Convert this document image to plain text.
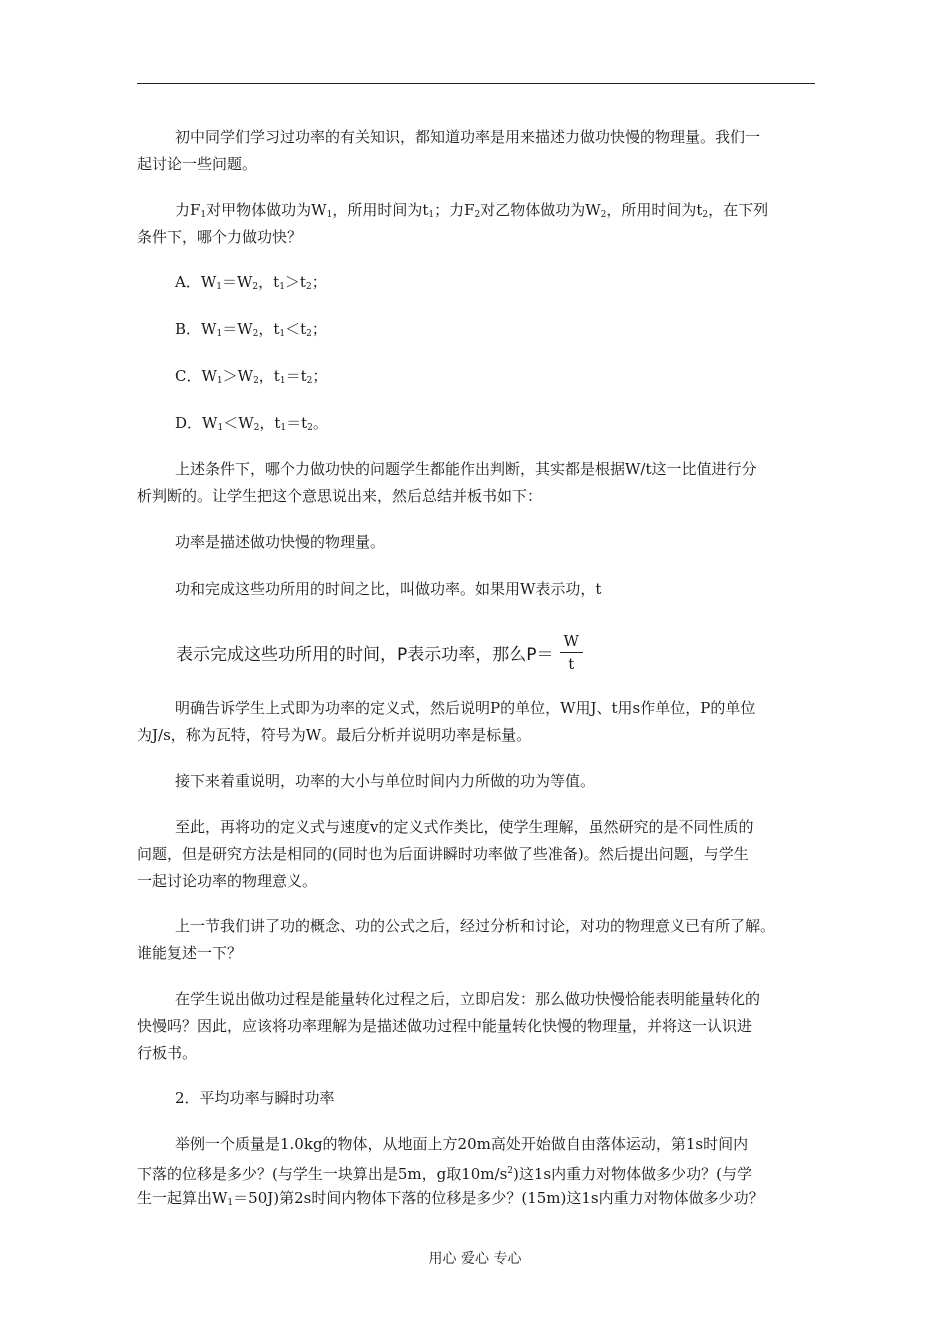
初中同学们学习过功率的有关知识，都知道功率是用来描述力做功快慢的物理量。我们一

起讨论一些问题。

力$F_1$对甲物体做功为$W_1$，所用时间为$t_1$；力$F_2$对乙物体做功为$W_2$，所用时间为$t_2$，在下列

条件下，哪个力做功快？

A．$W_1=W_2$，$t_1>t_2$；

B．$W_1=W_2$，$t_1<t_2$；

C．$W_1>W_2$，$t_1=t_2$；

D．$W_1<W_2$，$t_1=t_2$。

上述条件下，哪个力做功快的问题学生都能作出判断，其实都是根据W/t这一比值进行分

析判断的。让学生把这个意思说出来，然后总结并板书如下：

功率是描述做功快慢的物理量。

功和完成这些功所用的时间之比，叫做功率。如果用W表示功，t

表示完成这些功所用的时间，P表示功率，那么$P= \frac{W}{t}$

明确告诉学生上式即为功率的定义式，然后说明P的单位，W用J、t用s作单位，P的单位

为J/s，称为瓦特，符号为W。最后分析并说明功率是标量。

接下来着重说明，功率的大小与单位时间内力所做的功为等值。

至此，再将功的定义式与速度v的定义式作类比，使学生理解，虽然研究的是不同性质的

问题，但是研究方法是相同的(同时也为后面讲瞬时功率做了些准备)。然后提出问题，与学生

一起讨论功率的物理意义。

上一节我们讲了功的概念、功的公式之后，经过分析和讨论，对功的物理意义已有所了解。

谁能复述一下？

在学生说出做功过程是能量转化过程之后，立即启发：那么做功快慢恰能表明能量转化的

快慢吗？因此，应该将功率理解为是描述做功过程中能量转化快慢的物理量，并将这一认识进

行板书。

2．平均功率与瞬时功率

举例一个质量是1.0kg的物体，从地面上方20m高处开始做自由落体运动，第1s时间内

下落的位移是多少？(与学生一块算出是5m，g取$10m/s^2$)这1s内重力对物体做多少功？(与学

生一起算出$W_1=50J$)第2s时间内物体下落的位移是多少？(15m)这1s内重力对物体做多少功？

用心 爱心 专心
